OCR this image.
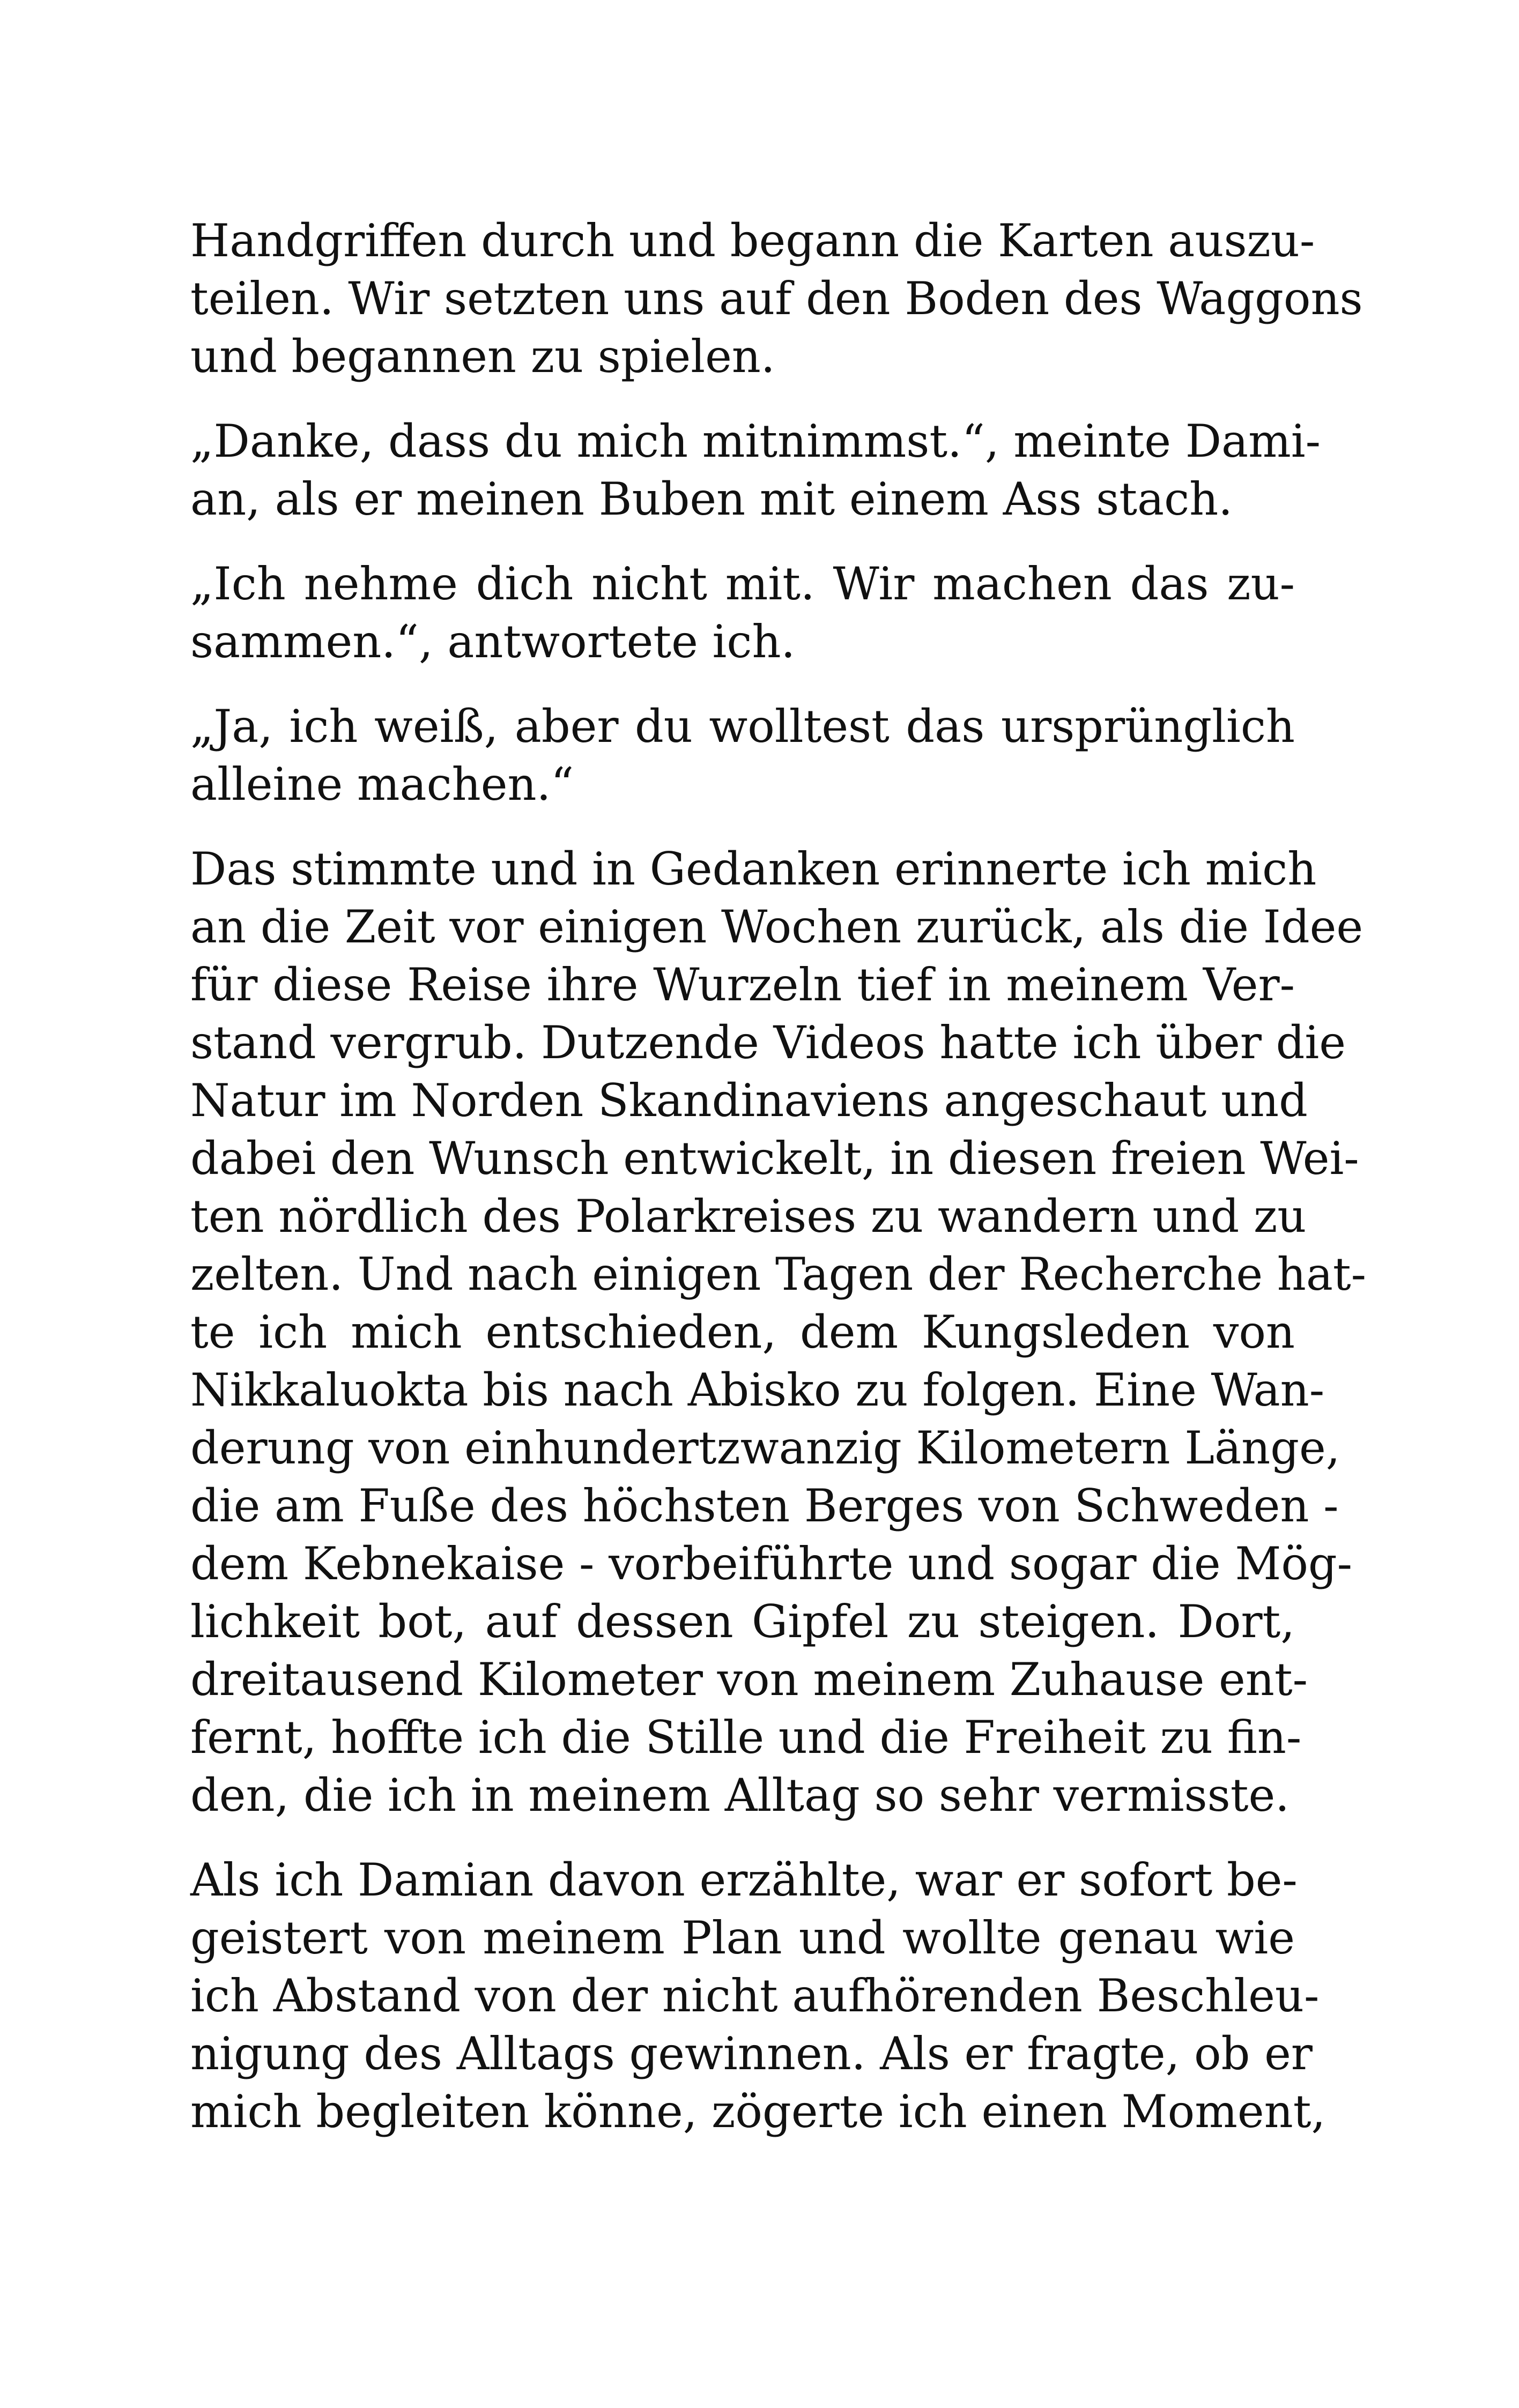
Handgriffen durch und begann die Karten auszu-
teilen. Wir setzten uns auf den Boden des Waggons
und begannen zu spielen.

„Danke, dass du mich mitnimmst.“, meinte Dami-
an, als er meinen Buben mit einem Ass stach.

„Ich nehme dich nicht mit. Wir machen das zu-
sammen.“, antwortete ich.

„Ja, ich weiß, aber du wolltest das ursprünglich
alleine machen.“

Das stimmte und in Gedanken erinnerte ich mich
an die Zeit vor einigen Wochen zurück, als die Idee
für diese Reise ihre Wurzeln tief in meinem Ver-
stand vergrub. Dutzende Videos hatte ich über die
Natur im Norden Skandinaviens angeschaut und
dabei den Wunsch entwickelt, in diesen freien Wei-
ten nördlich des Polarkreises zu wandern und zu
zelten. Und nach einigen Tagen der Recherche hat-
te ich mich entschieden, dem Kungsleden von
Nikkaluokta bis nach Abisko zu folgen. Eine Wan-
derung von einhundertzwanzig Kilometern Länge,
die am Fuße des höchsten Berges von Schweden -
dem Kebnekaise - vorbeiführte und sogar die Mög-
lichkeit bot, auf dessen Gipfel zu steigen. Dort,
dreitausend Kilometer von meinem Zuhause ent-
fernt, hoffte ich die Stille und die Freiheit zu fin-
den, die ich in meinem Alltag so sehr vermisste.

Als ich Damian davon erzählte, war er sofort be-
geistert von meinem Plan und wollte genau wie
ich Abstand von der nicht aufhörenden Beschleu-
nigung des Alltags gewinnen. Als er fragte, ob er
mich begleiten könne, zögerte ich einen Moment,
